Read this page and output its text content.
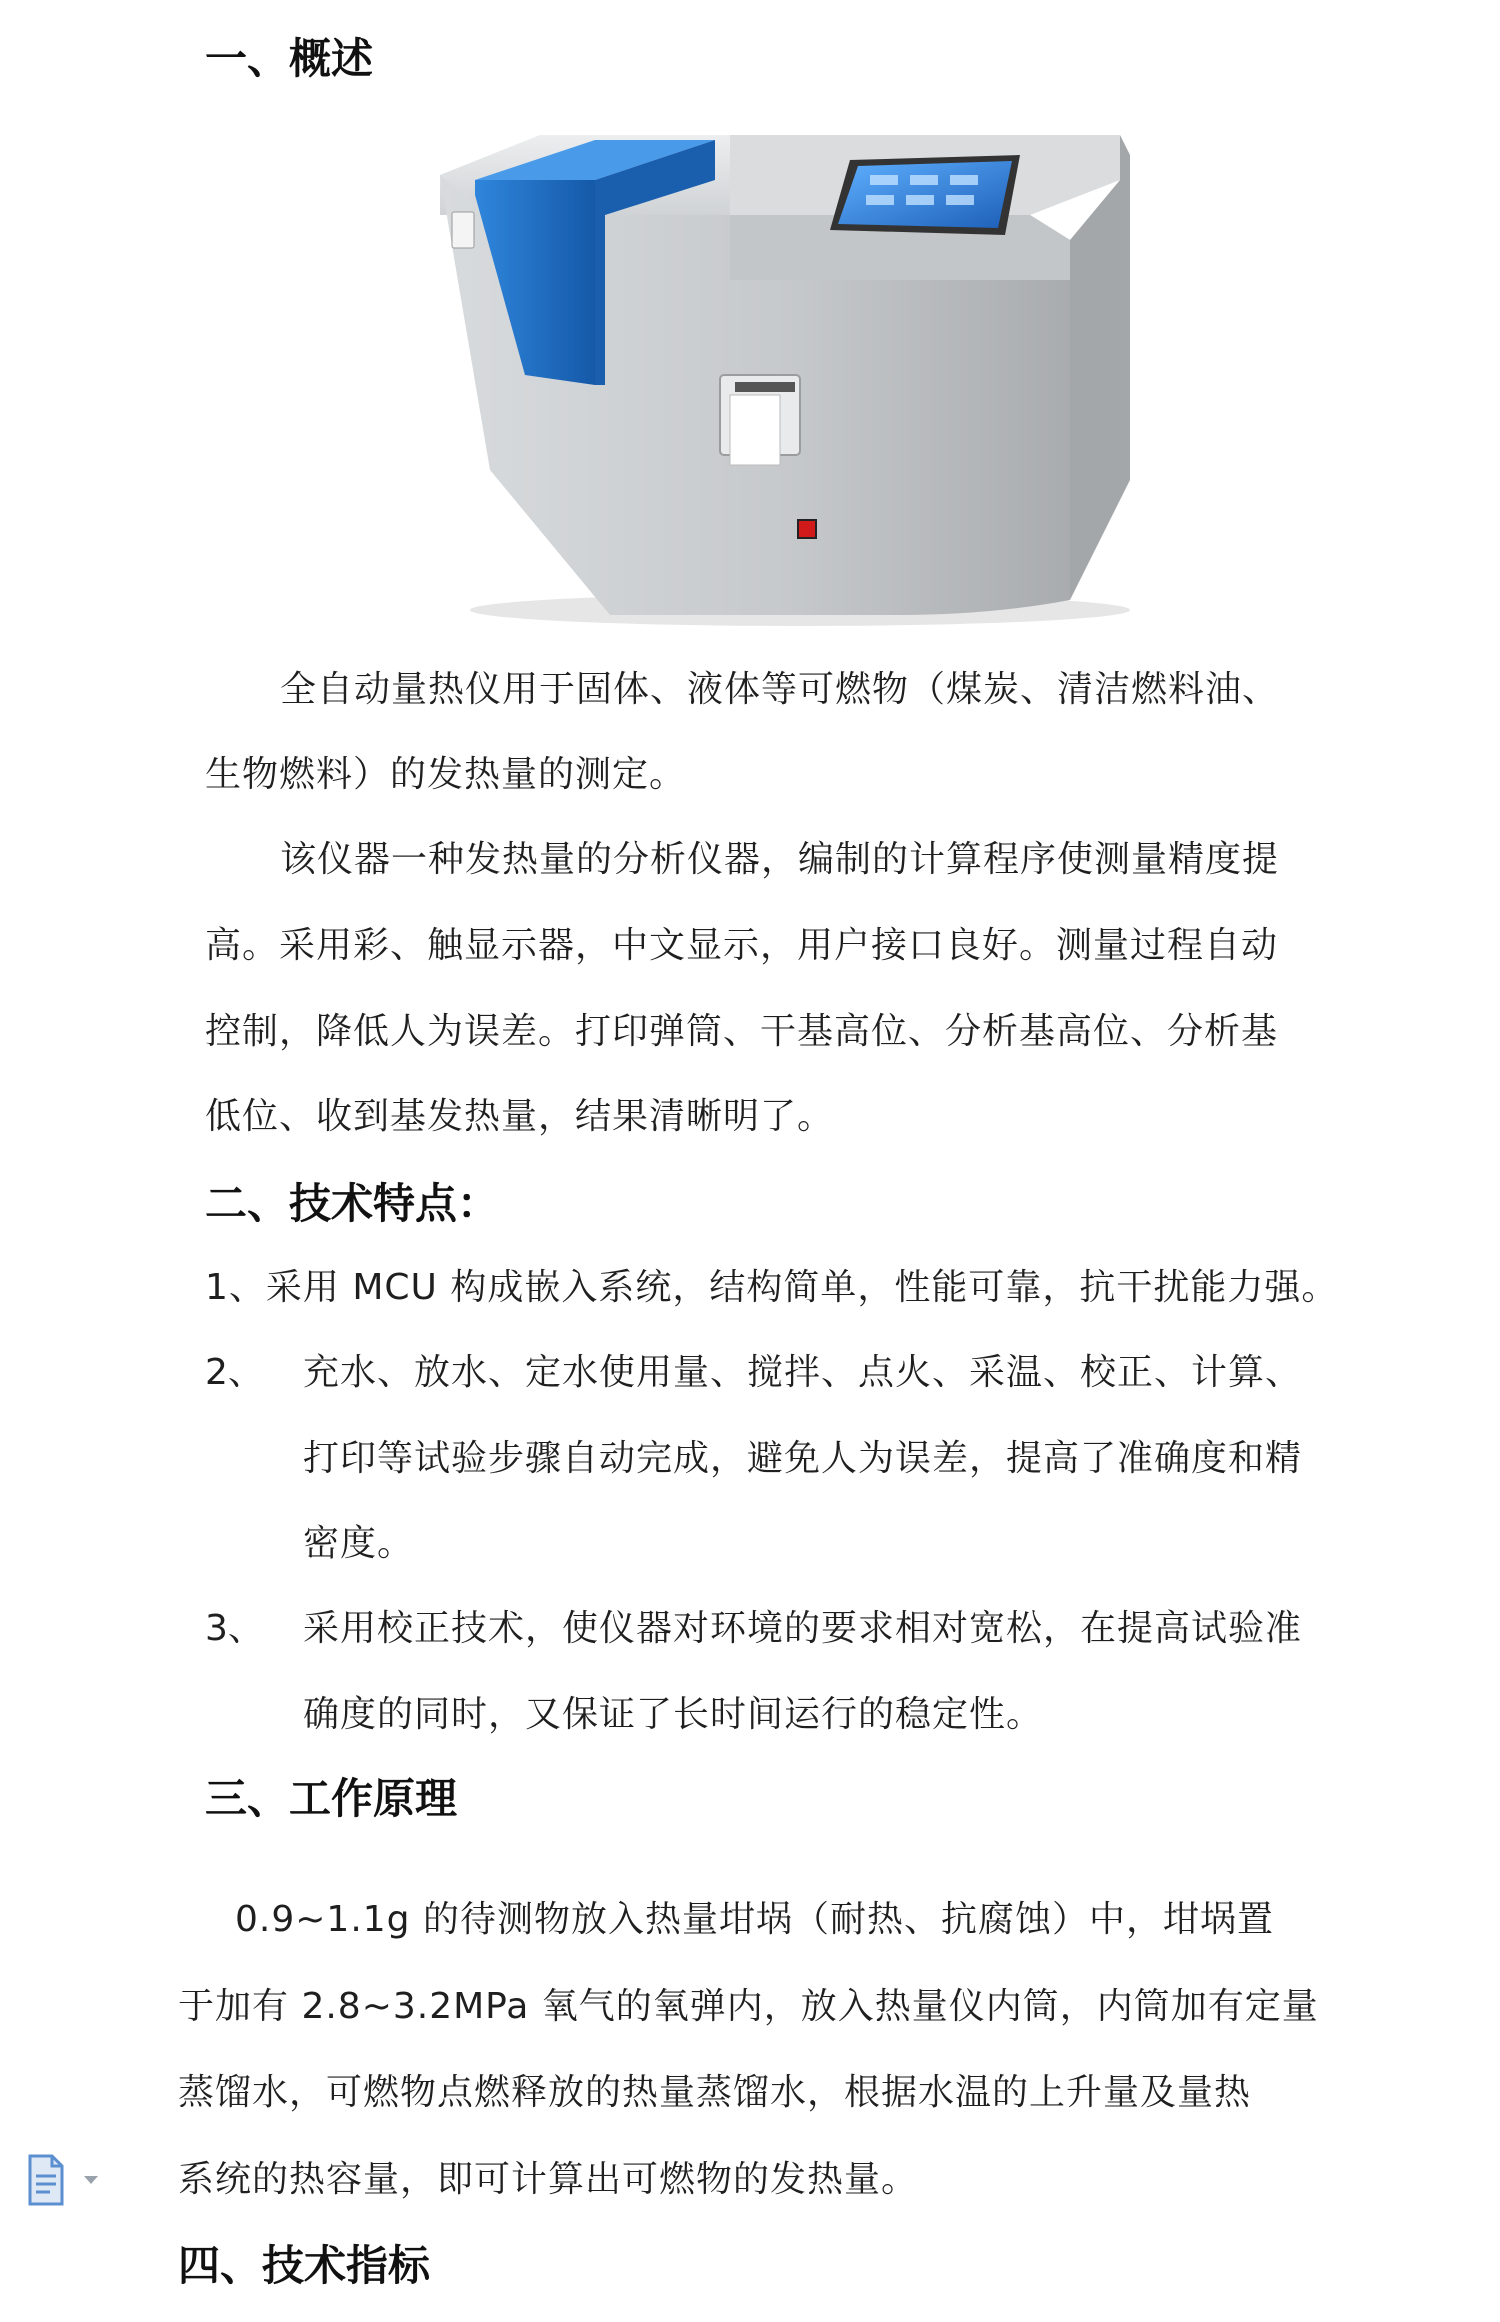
一、概述
全自动量热仪用于固体、液体等可燃物（煤炭、清洁燃料油、
生物燃料）的发热量的测定。
该仪器一种发热量的分析仪器，编制的计算程序使测量精度提
高。采用彩、触显示器，中文显示，用户接口良好。测量过程自动
控制，降低人为误差。打印弹筒、干基高位、分析基高位、分析基
低位、收到基发热量，结果清晰明了。
二、技术特点：
1、采用 MCU 构成嵌入系统，结构简单，性能可靠，抗干扰能力强。
2、 充水、放水、定水使用量、搅拌、点火、采温、校正、计算、
打印等试验步骤自动完成，避免人为误差，提高了准确度和精
密度。
3、 采用校正技术，使仪器对环境的要求相对宽松，在提高试验准
确度的同时，又保证了长时间运行的稳定性。
三、工作原理
0.9~1.1g 的待测物放入热量坩埚（耐热、抗腐蚀）中，坩埚置
于加有 2.8~3.2MPa 氧气的氧弹内，放入热量仪内筒，内筒加有定量
蒸馏水，可燃物点燃释放的热量蒸馏水，根据水温的上升量及量热
系统的热容量，即可计算出可燃物的发热量。
四、技术指标
